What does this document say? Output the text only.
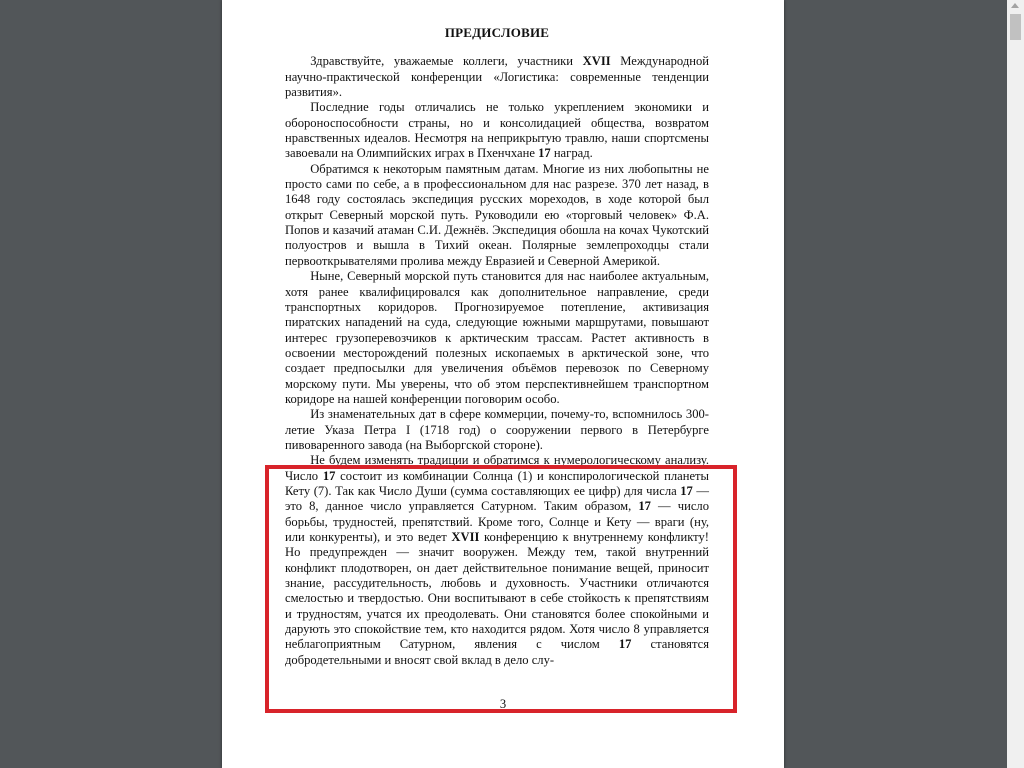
ПРЕДИСЛОВИЕ

Здравствуйте, уважаемые коллеги, участники XVII Международной научно-практической конференции «Логистика: современные тенденции развития».

Последние годы отличались не только укреплением экономики и обороноспособности страны, но и консолидацией общества, возвратом нравственных идеалов. Несмотря на неприкрытую травлю, наши спортсмены завоевали на Олимпийских играх в Пхенчхане 17 наград.

Обратимся к некоторым памятным датам. Многие из них любопытны не просто сами по себе, а в профессиональном для нас разрезе. 370 лет назад, в 1648 году состоялась экспедиция русских мореходов, в ходе которой был открыт Северный морской путь. Руководили ею «торговый человек» Ф.А. Попов и казачий атаман С.И. Дежнёв. Экспедиция обошла на кочах Чукотский полуостров и вышла в Тихий океан. Полярные землепроходцы стали первооткрывателями пролива между Евразией и Северной Америкой.

Ныне, Северный морской путь становится для нас наиболее актуальным, хотя ранее квалифицировался как дополнительное направление, среди транспортных коридоров. Прогнозируемое потепление, активизация пиратских нападений на суда, следующие южными маршрутами, повышают интерес грузоперевозчиков к арктическим трассам. Растет активность в освоении месторождений полезных ископаемых в арктической зоне, что создает предпосылки для увеличения объёмов перевозок по Северному морскому пути. Мы уверены, что об этом перспективнейшем транспортном коридоре на нашей конференции поговорим особо.

Из знаменательных дат в сфере коммерции, почему-то, вспомнилось 300-летие Указа Петра I (1718 год) о сооружении первого в Петербурге пивоваренного завода (на Выборгской стороне).

Не будем изменять традиции и обратимся к нумерологическому анализу. Число 17 состоит из комбинации Солнца (1) и конспирологической планеты Кету (7). Так как Число Души (сумма составляющих ее цифр) для числа 17 — это 8, данное число управляется Сатурном. Таким образом, 17 — число борьбы, трудностей, препятствий. Кроме того, Солнце и Кету — враги (ну, или конкуренты), и это ведет XVII конференцию к внутреннему конфликту! Но предупрежден — значит вооружен. Между тем, такой внутренний конфликт плодотворен, он дает действительное понимание вещей, приносит знание, рассудительность, любовь и духовность. Участники отличаются смелостью и твердостью. Они воспитывают в себе стойкость к препятствиям и трудностям, учатся их преодолевать. Они становятся более спокойными и дарують это спокойствие тем, кто находится рядом. Хотя число 8 управляется неблагоприятным Сатурном, явления с числом 17 становятся добродетельными и вносят свой вклад в дело слу-

3
